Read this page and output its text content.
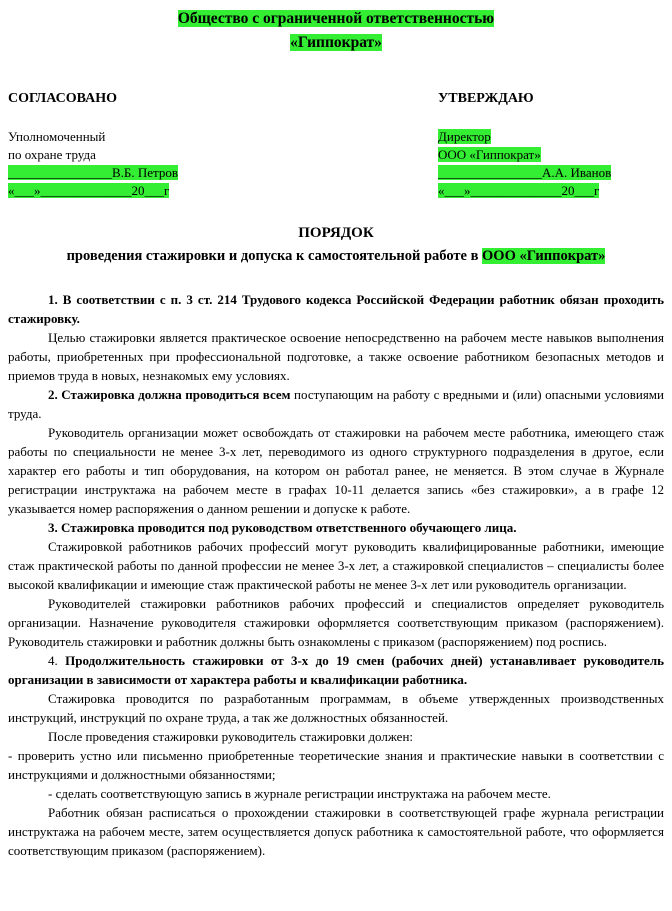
Общество с ограниченной ответственностью
«Гиппократ»
СОГЛАСОВАНО	УТВЕРЖДАЮ
Уполномоченный
по охране труда
________________В.Б. Петров
«___»______________20___г
Директор
ООО «Гиппократ»
________________А.А. Иванов
«___»______________20___г
ПОРЯДОК
проведения стажировки и допуска к самостоятельной работе в ООО «Гиппократ»

1. В соответствии с п. 3 ст. 214 Трудового кодекса Российской Федерации работник обязан проходить стажировку.

Целью стажировки является практическое освоение непосредственно на рабочем месте навыков выполнения работы, приобретенных при профессиональной подготовке, а также освоение работником безопасных методов и приемов труда в новых, незнакомых ему условиях.

2. Стажировка должна проводиться всем поступающим на работу с вредными и (или) опасными условиями труда.

Руководитель организации может освобождать от стажировки на рабочем месте работника, имеющего стаж работы по специальности не менее 3-х лет, переводимого из одного структурного подразделения в другое, если характер его работы и тип оборудования, на котором он работал ранее, не меняется. В этом случае в Журнале регистрации инструктажа на рабочем месте в графах 10-11 делается запись «без стажировки», а в графе 12 указывается номер распоряжения о данном решении и допуске к работе.

3. Стажировка проводится под руководством ответственного обучающего лица.

Стажировкой работников рабочих профессий могут руководить квалифицированные работники, имеющие стаж практической работы по данной профессии не менее 3-х лет, а стажировкой специалистов – специалисты более высокой квалификации и имеющие стаж практической работы не менее 3-х лет или руководитель организации.

Руководителей стажировки работников рабочих профессий и специалистов определяет руководитель организации. Назначение руководителя стажировки оформляется соответствующим приказом (распоряжением). Руководитель стажировки и работник должны быть ознакомлены с приказом (распоряжением) под роспись.

4. Продолжительность стажировки от 3-х до 19 смен (рабочих дней) устанавливает руководитель организации в зависимости от характера работы и квалификации работника.

Стажировка проводится по разработанным программам, в объеме утвержденных производственных инструкций, инструкций по охране труда, а так же должностных обязанностей.

После проведения стажировки руководитель стажировки должен:

- проверить устно или письменно приобретенные теоретические знания и практические навыки в соответствии с инструкциями и должностными обязанностями;

- сделать соответствующую запись в журнале регистрации инструктажа на рабочем месте.

Работник обязан расписаться о прохождении стажировки в соответствующей графе журнала регистрации инструктажа на рабочем месте, затем осуществляется допуск работника к самостоятельной работе, что оформляется соответствующим приказом (распоряжением).
